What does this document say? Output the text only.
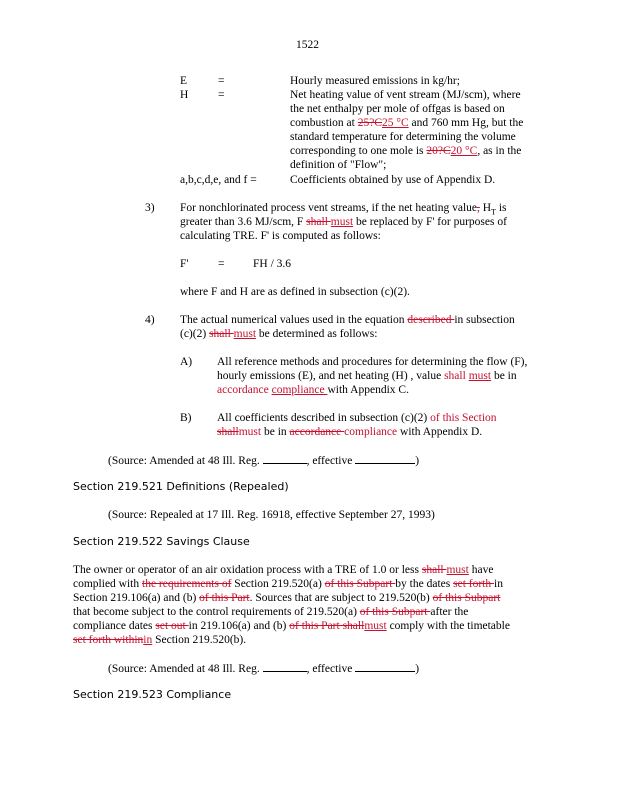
1522
E	=	Hourly measured emissions in kg/hr;
H	=	Net heating value of vent stream (MJ/scm), where
the net enthalpy per mole of offgas is based on
combustion at 25?C25 °C and 760 mm Hg, but the
standard temperature for determining the volume
corresponding to one mole is 20?C20 °C, as in the
definition of "Flow";
a,b,c,d,e, and f =	Coefficients obtained by use of Appendix D.
3) For nonchlorinated process vent streams, if the net heating value, $H_T$ is
greater than 3.6 MJ/scm, F shall must be replaced by F' for purposes of
calculating TRE. F' is computed as follows:
F'	= FH / 3.6
where F and H are as defined in subsection (c)(2).
4) The actual numerical values used in the equation described in subsection
(c)(2) shall must be determined as follows:
A) All reference methods and procedures for determining the flow (F),
hourly emissions (E), and net heating (H) , value shall must be in
accordance compliance with Appendix C.
B) All coefficients described in subsection (c)(2) of this Section
shallmust be in accordance compliance with Appendix D.
(Source: Amended at 48 Ill. Reg.	, effective	)
Section 219.521 Definitions (Repealed)
(Source: Repealed at 17 Ill. Reg. 16918, effective September 27, 1993)
Section 219.522 Savings Clause
The owner or operator of an air oxidation process with a TRE of 1.0 or less shall must have
complied with the requirements of Section 219.520(a) of this Subpart by the dates set forth in
Section 219.106(a) and (b) of this Part. Sources that are subject to 219.520(b) of this Subpart
that become subject to the control requirements of 219.520(a) of this Subpart after the
compliance dates set out in 219.106(a) and (b) of this Part shallmust comply with the timetable
set forth withinin Section 219.520(b).
(Source: Amended at 48 Ill. Reg.	, effective	)
Section 219.523 Compliance
